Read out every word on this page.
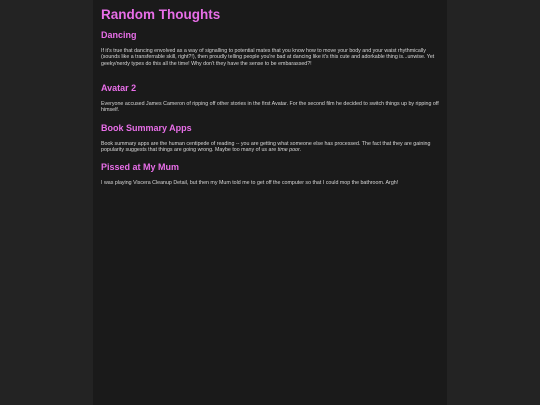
Random Thoughts
Dancing

If it's true that dancing envolved as a way of signalling to potential mates that you know how to move your body and your waist rhythmically (sounds like a transferrable skill, right?!), then proudly telling people you're bad at dancing like it's this cute and adorkable thing is...unwise. Yet geeky/nerdy types do this all the time! Why don't they have the sense to be embarassed?!

Avatar 2

Everyone accused James Cameron of ripping off other stories in the first Avatar. For the second film he decided to switch things up by ripping off himself.

Book Summary Apps

Book summary apps are the human centipede of reading -- you are getting what someone else has processed. The fact that they are gaining popularity suggests that things are going wrong. Maybe too many of us are time poor.

Pissed at My Mum

I was playing Viscera Cleanup Detail, but then my Mum told me to get off the computer so that I could mop the bathroom. Argh!
